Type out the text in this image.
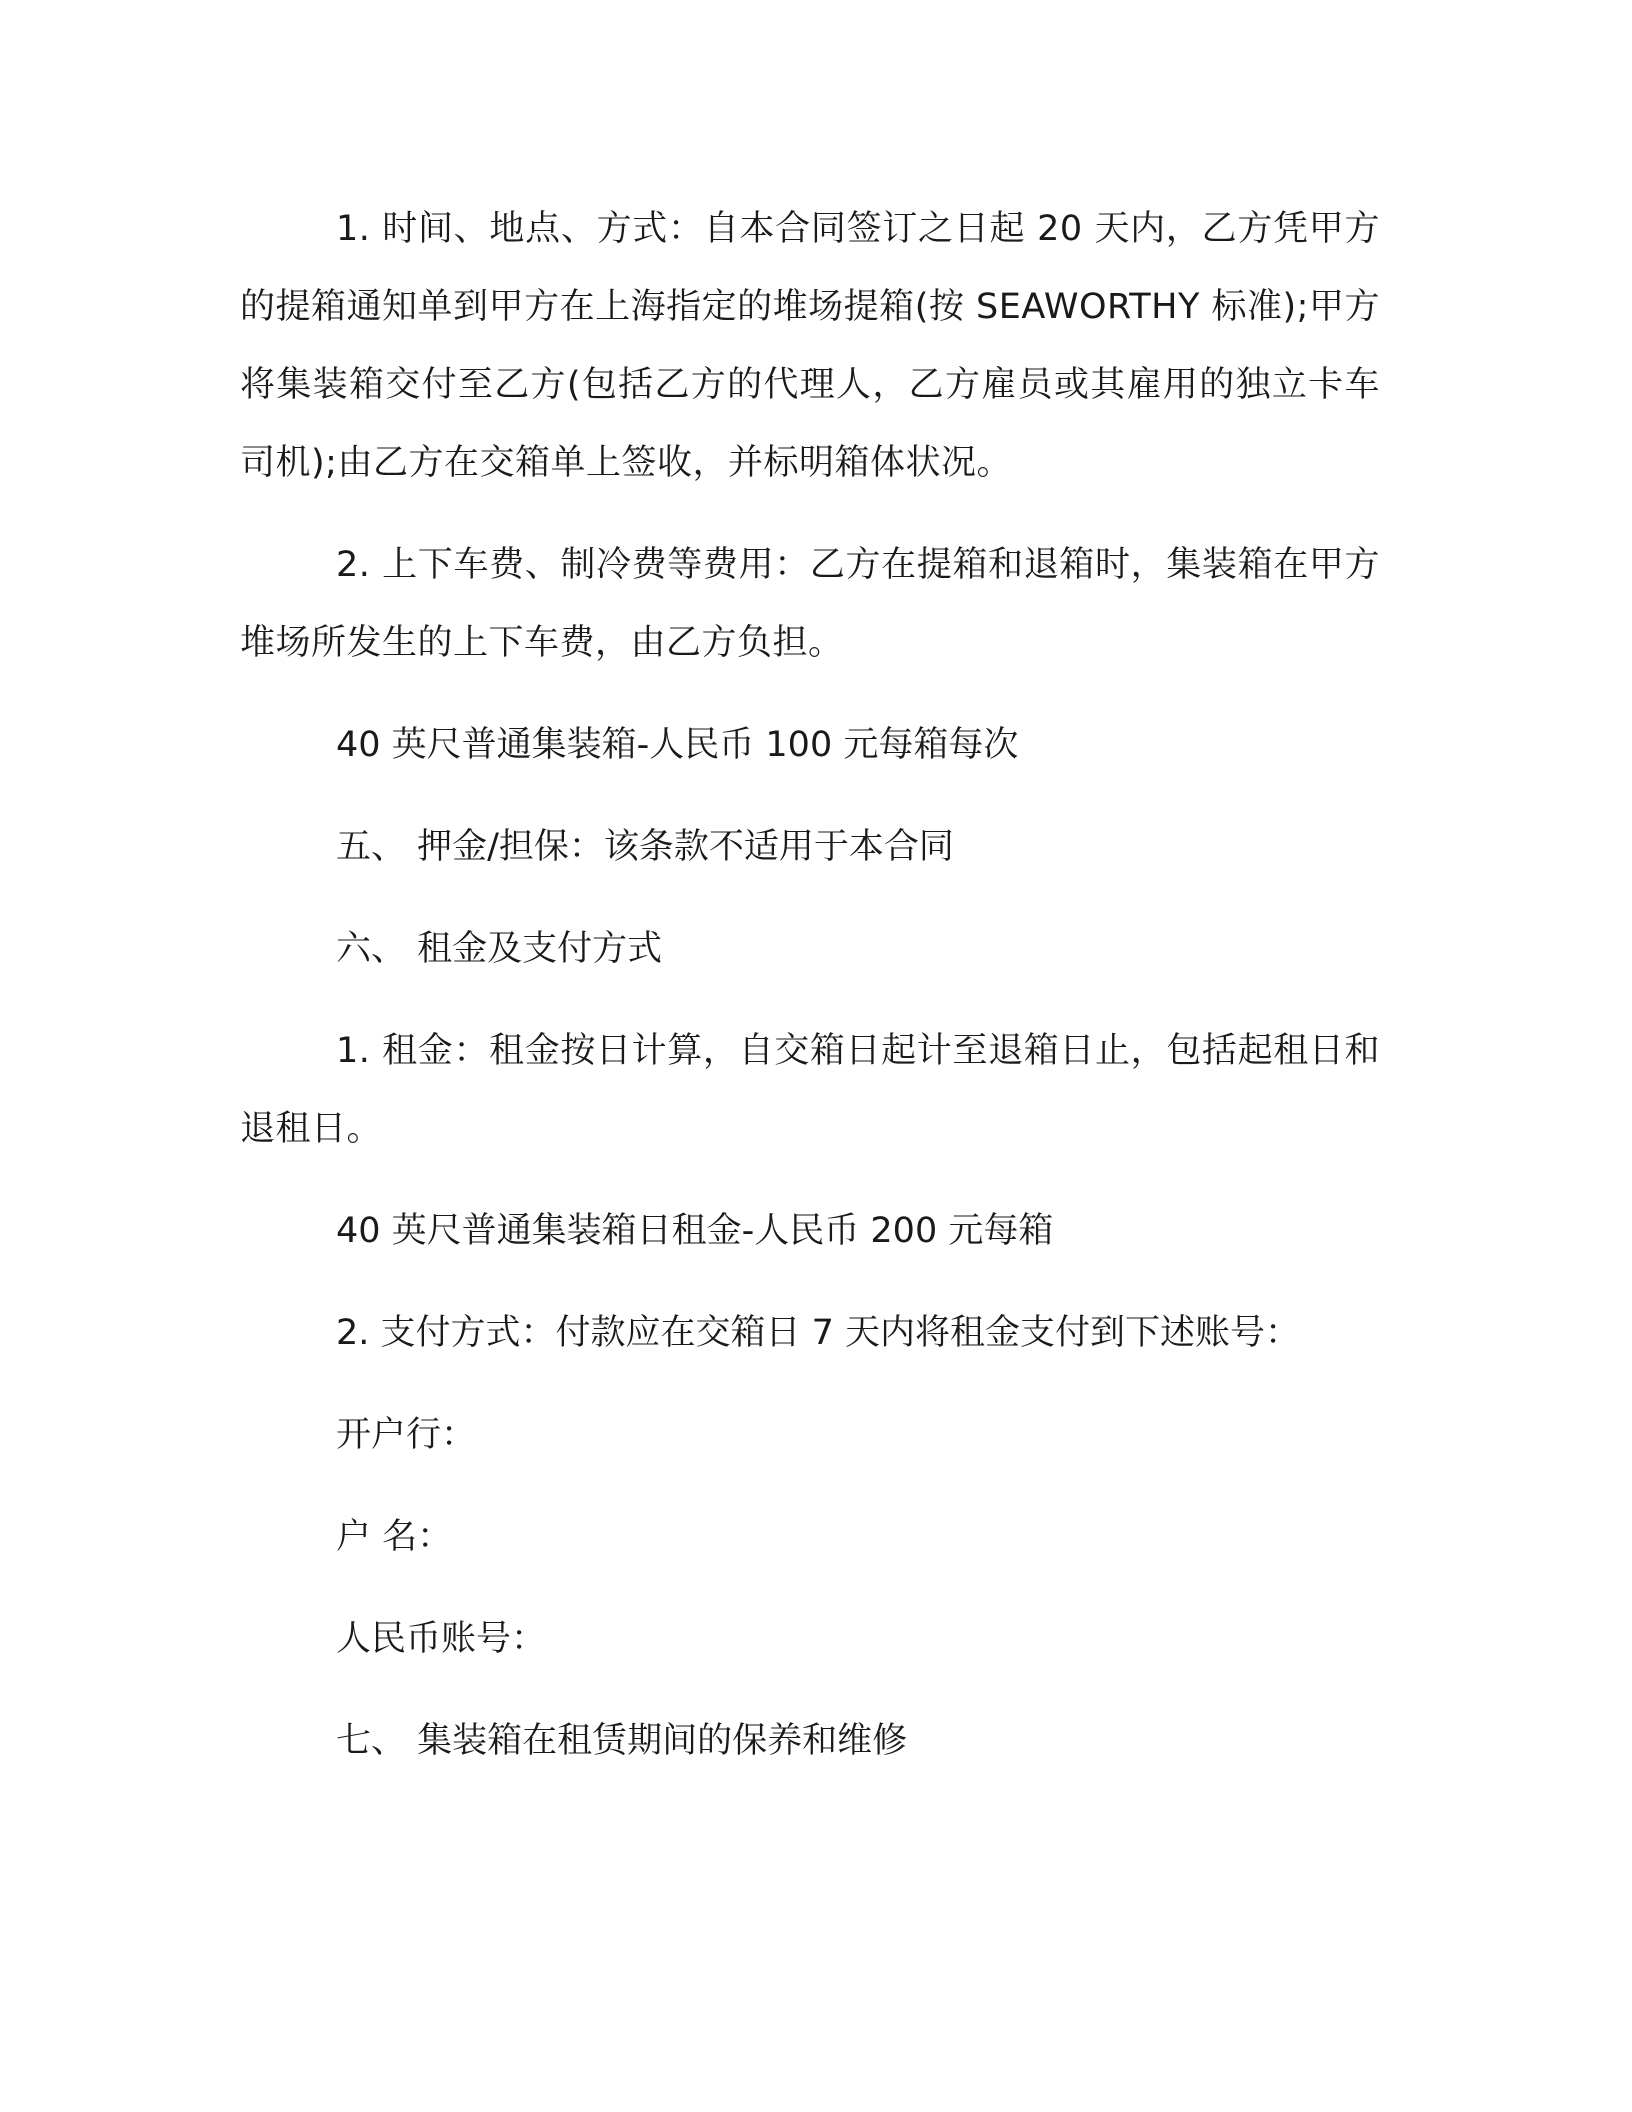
1. 时间、地点、方式：自本合同签订之日起 20 天内，乙方凭甲方的提箱通知单到甲方在上海指定的堆场提箱(按 SEAWORTHY 标准);甲方将集装箱交付至乙方(包括乙方的代理人，乙方雇员或其雇用的独立卡车司机);由乙方在交箱单上签收，并标明箱体状况。

2. 上下车费、制冷费等费用：乙方在提箱和退箱时，集装箱在甲方堆场所发生的上下车费，由乙方负担。

40 英尺普通集装箱-人民币 100 元每箱每次

五、 押金/担保：该条款不适用于本合同

六、 租金及支付方式

1. 租金：租金按日计算，自交箱日起计至退箱日止，包括起租日和退租日。

40 英尺普通集装箱日租金-人民币 200 元每箱

2. 支付方式：付款应在交箱日 7 天内将租金支付到下述账号：

开户行：

户 名：

人民币账号：

七、 集装箱在租赁期间的保养和维修
